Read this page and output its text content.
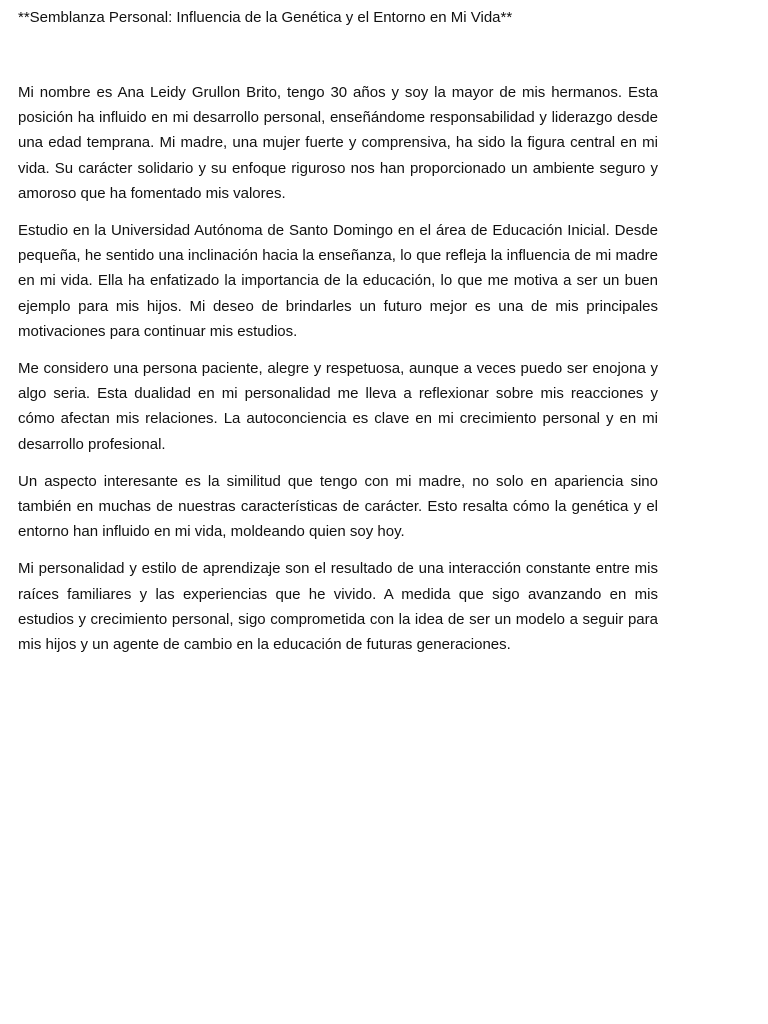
**Semblanza Personal: Influencia de la Genética y el Entorno en Mi Vida**

Mi nombre es Ana Leidy Grullon Brito, tengo 30 años y soy la mayor de mis hermanos. Esta posición ha influido en mi desarrollo personal, enseñándome responsabilidad y liderazgo desde una edad temprana. Mi madre, una mujer fuerte y comprensiva, ha sido la figura central en mi vida. Su carácter solidario y su enfoque riguroso nos han proporcionado un ambiente seguro y amoroso que ha fomentado mis valores.

Estudio en la Universidad Autónoma de Santo Domingo en el área de Educación Inicial. Desde pequeña, he sentido una inclinación hacia la enseñanza, lo que refleja la influencia de mi madre en mi vida. Ella ha enfatizado la importancia de la educación, lo que me motiva a ser un buen ejemplo para mis hijos. Mi deseo de brindarles un futuro mejor es una de mis principales motivaciones para continuar mis estudios.

Me considero una persona paciente, alegre y respetuosa, aunque a veces puedo ser enojona y algo seria. Esta dualidad en mi personalidad me lleva a reflexionar sobre mis reacciones y cómo afectan mis relaciones. La autoconciencia es clave en mi crecimiento personal y en mi desarrollo profesional.

Un aspecto interesante es la similitud que tengo con mi madre, no solo en apariencia sino también en muchas de nuestras características de carácter. Esto resalta cómo la genética y el entorno han influido en mi vida, moldeando quien soy hoy.

Mi personalidad y estilo de aprendizaje son el resultado de una interacción constante entre mis raíces familiares y las experiencias que he vivido. A medida que sigo avanzando en mis estudios y crecimiento personal, sigo comprometida con la idea de ser un modelo a seguir para mis hijos y un agente de cambio en la educación de futuras generaciones.
